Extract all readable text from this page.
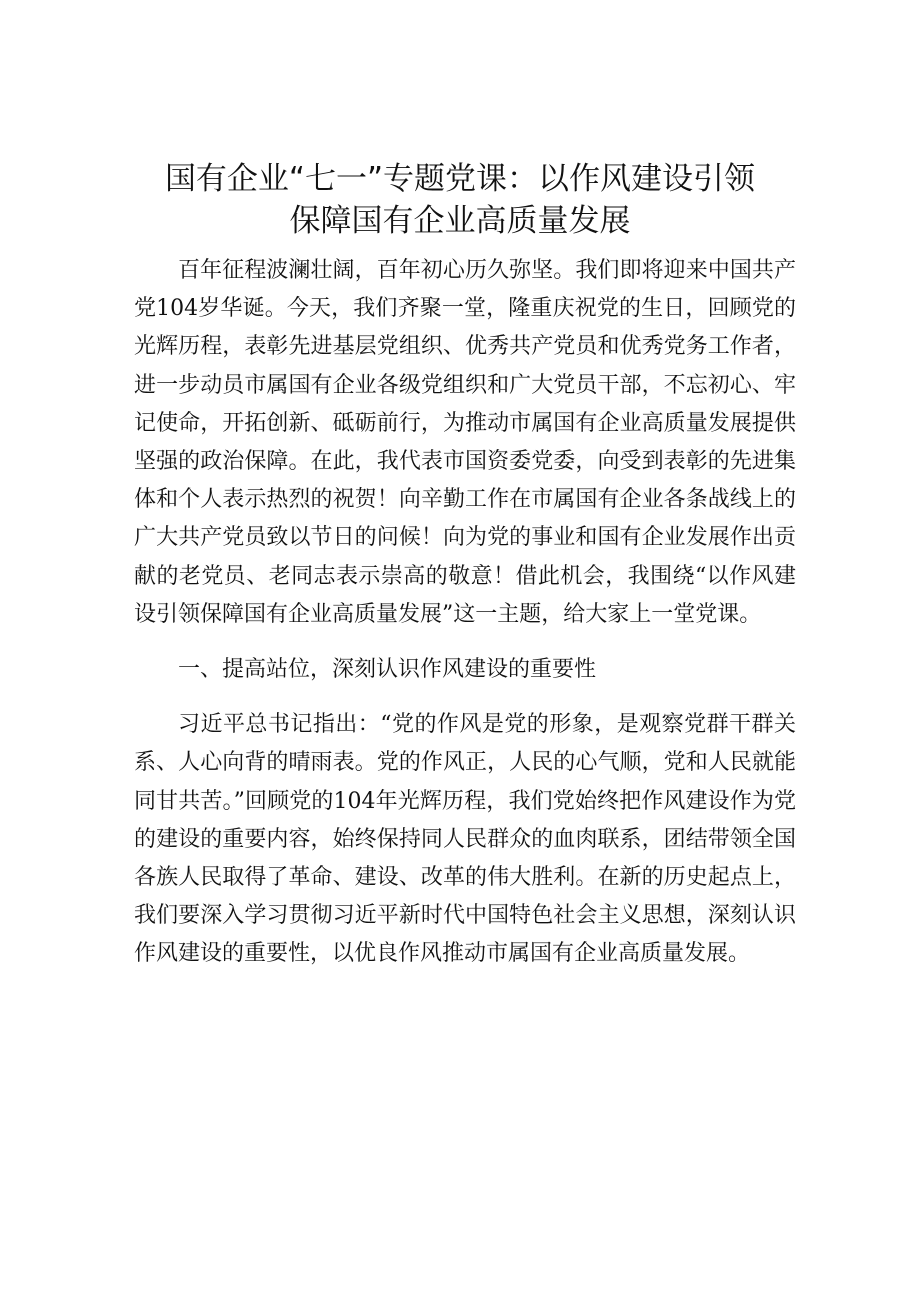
国有企业“七一”专题党课：以作风建设引领
保障国有企业高质量发展

百年征程波澜壮阔，百年初心历久弥坚。我们即将迎来中国共产党104岁华诞。今天，我们齐聚一堂，隆重庆祝党的生日，回顾党的光辉历程，表彰先进基层党组织、优秀共产党员和优秀党务工作者，进一步动员市属国有企业各级党组织和广大党员干部，不忘初心、牢记使命，开拓创新、砥砺前行，为推动市属国有企业高质量发展提供坚强的政治保障。在此，我代表市国资委党委，向受到表彰的先进集体和个人表示热烈的祝贺！向辛勤工作在市属国有企业各条战线上的广大共产党员致以节日的问候！向为党的事业和国有企业发展作出贡献的老党员、老同志表示崇高的敬意！借此机会，我围绕“以作风建设引领保障国有企业高质量发展”这一主题，给大家上一堂党课。

一、提高站位，深刻认识作风建设的重要性

习近平总书记指出：“党的作风是党的形象，是观察党群干群关系、人心向背的晴雨表。党的作风正，人民的心气顺，党和人民就能同甘共苦。”回顾党的104年光辉历程，我们党始终把作风建设作为党的建设的重要内容，始终保持同人民群众的血肉联系，团结带领全国各族人民取得了革命、建设、改革的伟大胜利。在新的历史起点上，我们要深入学习贯彻习近平新时代中国特色社会主义思想，深刻认识作风建设的重要性，以优良作风推动市属国有企业高质量发展。
